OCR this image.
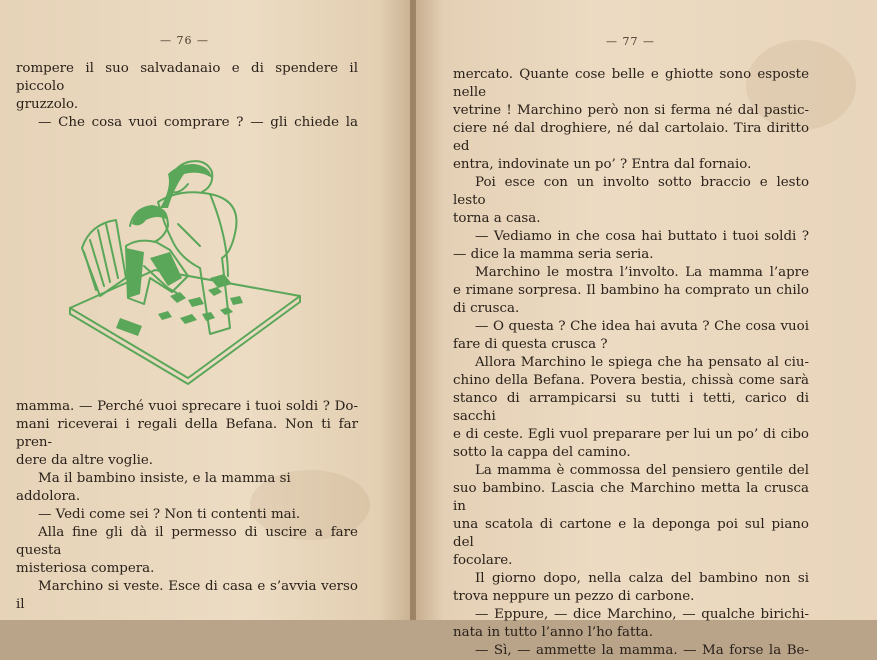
— 76 —

rompere il suo salvadanaio e di spendere il piccolo

gruzzolo.

— Che cosa vuoi comprare ? — gli chiede la

mamma. — Perché vuoi sprecare i tuoi soldi ? Do-

mani riceverai i regali della Befana. Non ti far pren-

dere da altre voglie.

Ma il bambino insiste, e la mamma si addolora.

— Vedi come sei ? Non ti contenti mai.

Alla fine gli dà il permesso di uscire a fare questa

misteriosa compera.

Marchino si veste. Esce di casa e s’avvia verso il

— 77 —

mercato. Quante cose belle e ghiotte sono esposte nelle

vetrine ! Marchino però non si ferma né dal pastic-

ciere né dal droghiere, né dal cartolaio. Tira diritto ed

entra, indovinate un po’ ? Entra dal fornaio.

Poi esce con un involto sotto braccio e lesto lesto

torna a casa.

— Vediamo in che cosa hai buttato i tuoi soldi ?

— dice la mamma seria seria.

Marchino le mostra l’involto. La mamma l’apre

e rimane sorpresa. Il bambino ha comprato un chilo

di crusca.

— O questa ? Che idea hai avuta ? Che cosa vuoi

fare di questa crusca ?

Allora Marchino le spiega che ha pensato al ciu-

chino della Befana. Povera bestia, chissà come sarà

stanco di arrampicarsi su tutti i tetti, carico di sacchi

e di ceste. Egli vuol preparare per lui un po’ di cibo

sotto la cappa del camino.

La mamma è commossa del pensiero gentile del

suo bambino. Lascia che Marchino metta la crusca in

una scatola di cartone e la deponga poi sul piano del

focolare.

Il giorno dopo, nella calza del bambino non si

trova neppure un pezzo di carbone.

— Eppure, — dice Marchino, — qualche birichi-

nata in tutto l’anno l’ho fatta.

— Sì, — ammette la mamma. — Ma forse la Be-
